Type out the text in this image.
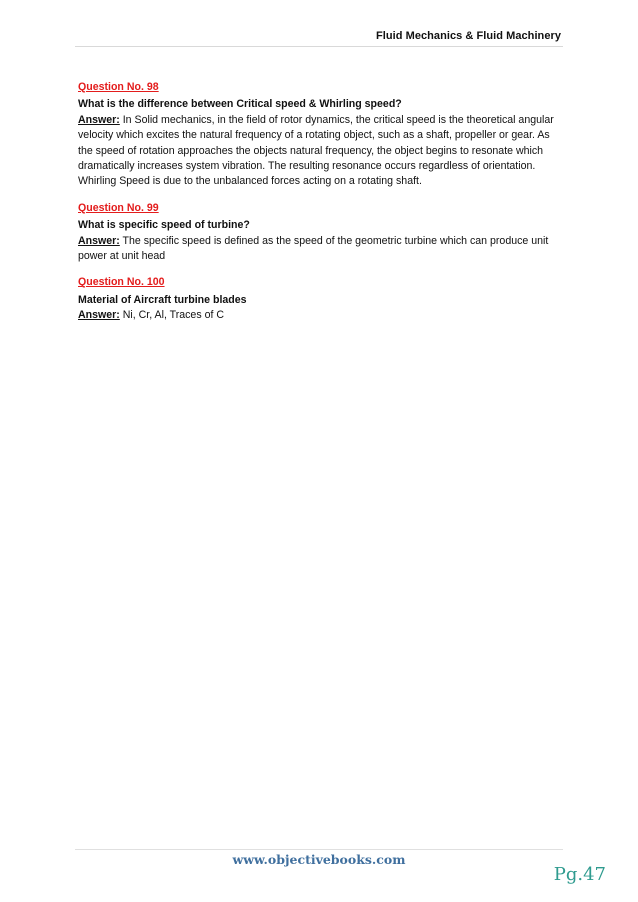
Fluid Mechanics & Fluid Machinery
Question No. 98
What is the difference between Critical speed & Whirling speed?
Answer: In Solid mechanics, in the field of rotor dynamics, the critical speed is the theoretical angular velocity which excites the natural frequency of a rotating object, such as a shaft, propeller or gear. As the speed of rotation approaches the objects natural frequency, the object begins to resonate which dramatically increases system vibration. The resulting resonance occurs regardless of orientation.
Whirling Speed is due to the unbalanced forces acting on a rotating shaft.
Question No. 99
What is specific speed of turbine?
Answer: The specific speed is defined as the speed of the geometric turbine which can produce unit power at unit head
Question No. 100
Material of Aircraft turbine blades
Answer: Ni, Cr, Al, Traces of C
www.objectivebooks.com
Pg.47
